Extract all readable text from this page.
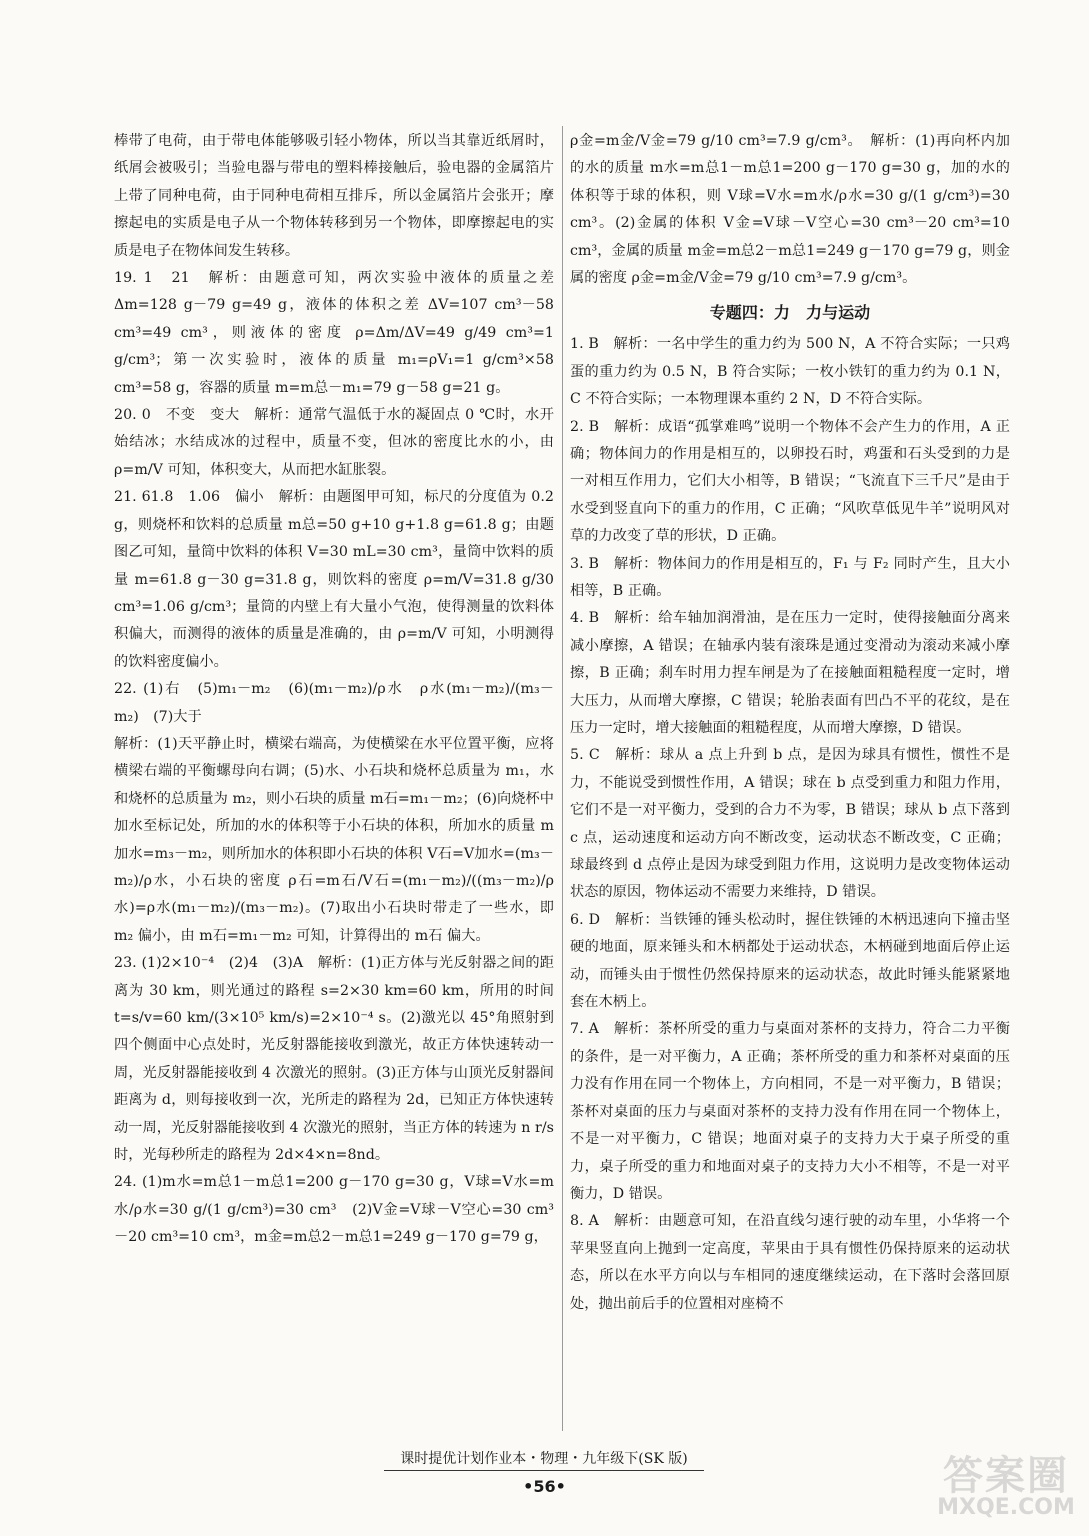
棒带了电荷，由于带电体能够吸引轻小物体，所以当其靠近纸屑时，纸屑会被吸引；当验电器与带电的塑料棒接触后，验电器的金属箔片上带了同种电荷，由于同种电荷相互排斥，所以金属箔片会张开；摩擦起电的实质是电子从一个物体转移到另一个物体，即摩擦起电的实质是电子在物体间发生转移。

19. 1　21　解析：由题意可知，两次实验中液体的质量之差 Δm=128 g－79 g=49 g，液体的体积之差 ΔV=107 cm³－58 cm³=49 cm³，则液体的密度 ρ=Δm/ΔV=49 g/49 cm³=1 g/cm³；第一次实验时，液体的质量 m₁=ρV₁=1 g/cm³×58 cm³=58 g，容器的质量 m=m总－m₁=79 g－58 g=21 g。

20. 0　不变　变大　解析：通常气温低于水的凝固点 0 ℃时，水开始结冰；水结成冰的过程中，质量不变，但冰的密度比水的小，由 ρ=m/V 可知，体积变大，从而把水缸胀裂。

21. 61.8　1.06　偏小　解析：由题图甲可知，标尺的分度值为 0.2 g，则烧杯和饮料的总质量 m总=50 g+10 g+1.8 g=61.8 g；由题图乙可知，量筒中饮料的体积 V=30 mL=30 cm³，量筒中饮料的质量 m=61.8 g－30 g=31.8 g，则饮料的密度 ρ=m/V=31.8 g/30 cm³=1.06 g/cm³；量筒的内壁上有大量小气泡，使得测量的饮料体积偏大，而测得的液体的质量是准确的，由 ρ=m/V 可知，小明测得的饮料密度偏小。

22. (1)右　(5)m₁－m₂　(6)(m₁－m₂)/ρ水　ρ水(m₁－m₂)/(m₃－m₂)　(7)大于

解析：(1)天平静止时，横梁右端高，为使横梁在水平位置平衡，应将横梁右端的平衡螺母向右调；(5)水、小石块和烧杯总质量为 m₁，水和烧杯的总质量为 m₂，则小石块的质量 m石=m₁－m₂；(6)向烧杯中加水至标记处，所加的水的体积等于小石块的体积，所加水的质量 m加水=m₃－m₂，则所加水的体积即小石块的体积 V石=V加水=(m₃－m₂)/ρ水，小石块的密度 ρ石=m石/V石=(m₁－m₂)/((m₃－m₂)/ρ水)=ρ水(m₁－m₂)/(m₃－m₂)。(7)取出小石块时带走了一些水，即 m₂ 偏小，由 m石=m₁－m₂ 可知，计算得出的 m石 偏大。

23. (1)2×10⁻⁴　(2)4　(3)A　解析：(1)正方体与光反射器之间的距离为 30 km，则光通过的路程 s=2×30 km=60 km，所用的时间 t=s/v=60 km/(3×10⁵ km/s)=2×10⁻⁴ s。(2)激光以 45°角照射到四个侧面中心点处时，光反射器能接收到激光，故正方体快速转动一周，光反射器能接收到 4 次激光的照射。(3)正方体与山顶光反射器间距离为 d，则每接收到一次，光所走的路程为 2d，已知正方体快速转动一周，光反射器能接收到 4 次激光的照射，当正方体的转速为 n r/s 时，光每秒所走的路程为 2d×4×n=8nd。

24. (1)m水=m总1－m总1=200 g－170 g=30 g，V球=V水=m水/ρ水=30 g/(1 g/cm³)=30 cm³　(2)V金=V球－V空心=30 cm³－20 cm³=10 cm³，m金=m总2－m总1=249 g－170 g=79 g，

ρ金=m金/V金=79 g/10 cm³=7.9 g/cm³。　解析：(1)再向杯内加的水的质量 m水=m总1－m总1=200 g－170 g=30 g，加的水的体积等于球的体积，则 V球=V水=m水/ρ水=30 g/(1 g/cm³)=30 cm³。(2)金属的体积 V金=V球－V空心=30 cm³－20 cm³=10 cm³，金属的质量 m金=m总2－m总1=249 g－170 g=79 g，则金属的密度 ρ金=m金/V金=79 g/10 cm³=7.9 g/cm³。

专题四：力　力与运动

1. B　解析：一名中学生的重力约为 500 N，A 不符合实际；一只鸡蛋的重力约为 0.5 N，B 符合实际；一枚小铁钉的重力约为 0.1 N，C 不符合实际；一本物理课本重约 2 N，D 不符合实际。

2. B　解析：成语“孤掌难鸣”说明一个物体不会产生力的作用，A 正确；物体间力的作用是相互的，以卵投石时，鸡蛋和石头受到的力是一对相互作用力，它们大小相等，B 错误；“飞流直下三千尺”是由于水受到竖直向下的重力的作用，C 正确；“风吹草低见牛羊”说明风对草的力改变了草的形状，D 正确。

3. B　解析：物体间力的作用是相互的，F₁ 与 F₂ 同时产生，且大小相等，B 正确。

4. B　解析：给车轴加润滑油，是在压力一定时，使得接触面分离来减小摩擦，A 错误；在轴承内装有滚珠是通过变滑动为滚动来减小摩擦，B 正确；刹车时用力捏车闸是为了在接触面粗糙程度一定时，增大压力，从而增大摩擦，C 错误；轮胎表面有凹凸不平的花纹，是在压力一定时，增大接触面的粗糙程度，从而增大摩擦，D 错误。

5. C　解析：球从 a 点上升到 b 点，是因为球具有惯性，惯性不是力，不能说受到惯性作用，A 错误；球在 b 点受到重力和阻力作用，它们不是一对平衡力，受到的合力不为零，B 错误；球从 b 点下落到 c 点，运动速度和运动方向不断改变，运动状态不断改变，C 正确；球最终到 d 点停止是因为球受到阻力作用，这说明力是改变物体运动状态的原因，物体运动不需要力来维持，D 错误。

6. D　解析：当铁锤的锤头松动时，握住铁锤的木柄迅速向下撞击坚硬的地面，原来锤头和木柄都处于运动状态，木柄碰到地面后停止运动，而锤头由于惯性仍然保持原来的运动状态，故此时锤头能紧紧地套在木柄上。

7. A　解析：茶杯所受的重力与桌面对茶杯的支持力，符合二力平衡的条件，是一对平衡力，A 正确；茶杯所受的重力和茶杯对桌面的压力没有作用在同一个物体上，方向相同，不是一对平衡力，B 错误；茶杯对桌面的压力与桌面对茶杯的支持力没有作用在同一个物体上，不是一对平衡力，C 错误；地面对桌子的支持力大于桌子所受的重力，桌子所受的重力和地面对桌子的支持力大小不相等，不是一对平衡力，D 错误。

8. A　解析：由题意可知，在沿直线匀速行驶的动车里，小华将一个苹果竖直向上抛到一定高度，苹果由于具有惯性仍保持原来的运动状态，所以在水平方向以与车相同的速度继续运动，在下落时会落回原处，抛出前后手的位置相对座椅不

课时提优计划作业本・物理・九年级下(SK 版)
•56•	答案圈
MXQE.COM
